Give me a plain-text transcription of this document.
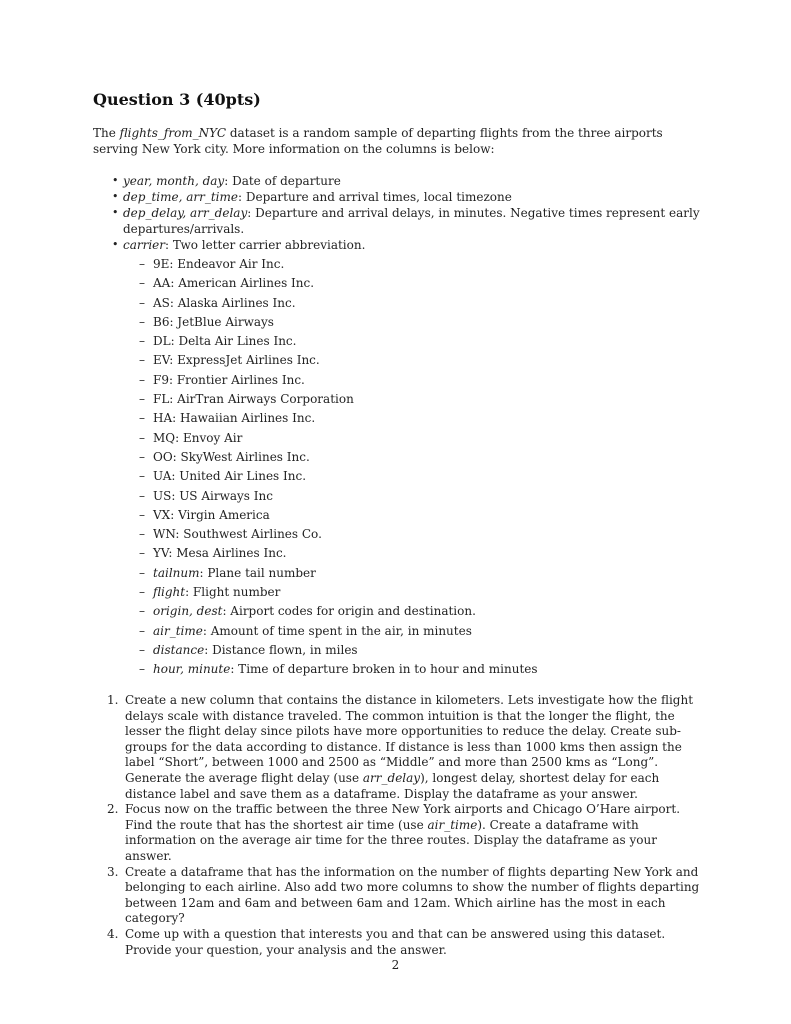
Question 3 (40pts)

The flights_from_NYC dataset is a random sample of departing flights from the three airports serving New York city. More information on the columns is below:

• year, month, day: Date of departure
• dep_time, arr_time: Departure and arrival times, local timezone
• dep_delay, arr_delay: Departure and arrival delays, in minutes. Negative times represent early departures/arrivals.
• carrier: Two letter carrier abbreviation.
– 9E: Endeavor Air Inc.
– AA: American Airlines Inc.
– AS: Alaska Airlines Inc.
– B6: JetBlue Airways
– DL: Delta Air Lines Inc.
– EV: ExpressJet Airlines Inc.
– F9: Frontier Airlines Inc.
– FL: AirTran Airways Corporation
– HA: Hawaiian Airlines Inc.
– MQ: Envoy Air
– OO: SkyWest Airlines Inc.
– UA: United Air Lines Inc.
– US: US Airways Inc
– VX: Virgin America
– WN: Southwest Airlines Co.
– YV: Mesa Airlines Inc.
– tailnum: Plane tail number
– flight: Flight number
– origin, dest: Airport codes for origin and destination.
– air_time: Amount of time spent in the air, in minutes
– distance: Distance flown, in miles
– hour, minute: Time of departure broken in to hour and minutes
1. Create a new column that contains the distance in kilometers. Lets investigate how the flight delays scale with distance traveled. The common intuition is that the longer the flight, the lesser the flight delay since pilots have more opportunities to reduce the delay. Create sub-groups for the data according to distance. If distance is less than 1000 kms then assign the label “Short”, between 1000 and 2500 as “Middle” and more than 2500 kms as “Long”. Generate the average flight delay (use arr_delay), longest delay, shortest delay for each distance label and save them as a dataframe. Display the dataframe as your answer.
2. Focus now on the traffic between the three New York airports and Chicago O’Hare airport. Find the route that has the shortest air time (use air_time). Create a dataframe with information on the average air time for the three routes. Display the dataframe as your answer.
3. Create a dataframe that has the information on the number of flights departing New York and belonging to each airline. Also add two more columns to show the number of flights departing between 12am and 6am and between 6am and 12am. Which airline has the most in each category?
4. Come up with a question that interests you and that can be answered using this dataset. Provide your question, your analysis and the answer.
2
